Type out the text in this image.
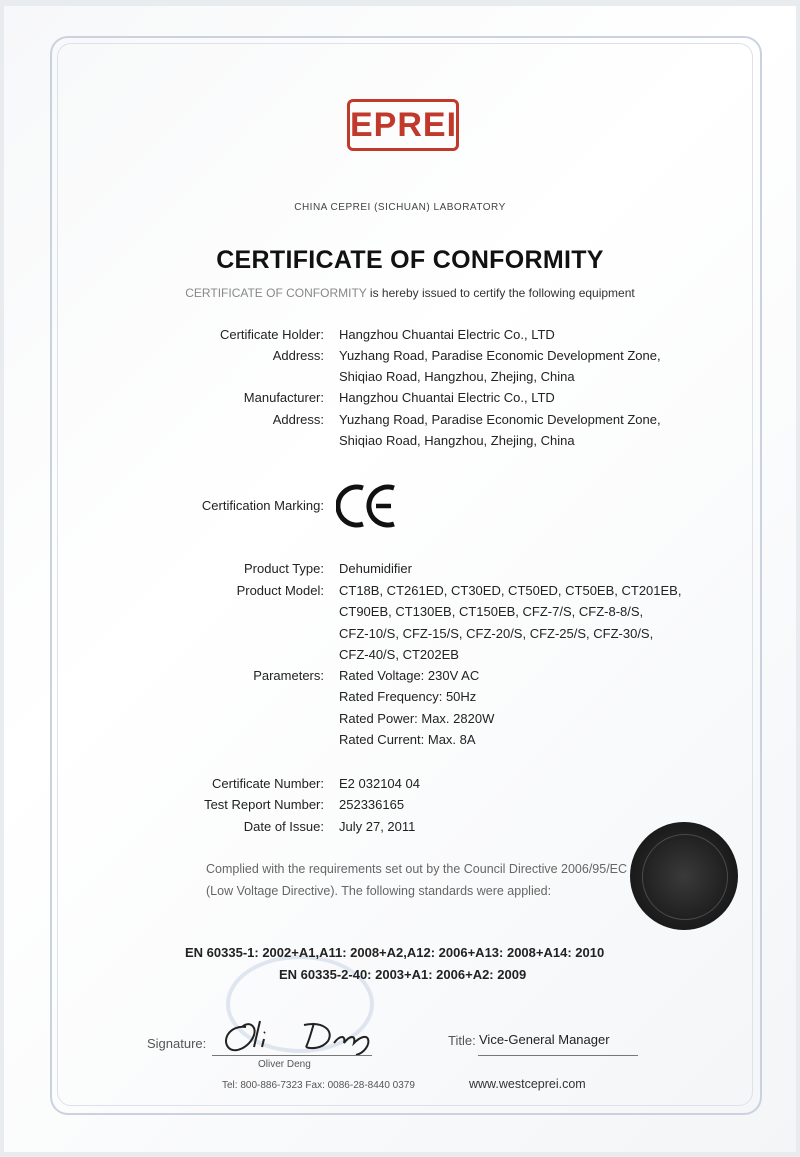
EPREI
CHINA CEPREI (SICHUAN) LABORATORY
CERTIFICATE OF CONFORMITY
CERTIFICATE OF CONFORMITY is hereby issued to certify the following equipment
Certificate Holder: Hangzhou Chuantai Electric Co., LTD
Address: Yuzhang Road, Paradise Economic Development Zone,
Shiqiao Road, Hangzhou, Zhejing, China
Manufacturer: Hangzhou Chuantai Electric Co., LTD
Address: Yuzhang Road, Paradise Economic Development Zone,
Shiqiao Road, Hangzhou, Zhejing, China
Certification Marking:
Product Type: Dehumidifier
Product Model: CT18B, CT261ED, CT30ED, CT50ED, CT50EB, CT201EB,
CT90EB, CT130EB, CT150EB, CFZ-7/S, CFZ-8-8/S,
CFZ-10/S, CFZ-15/S, CFZ-20/S, CFZ-25/S, CFZ-30/S,
CFZ-40/S, CT202EB
Parameters: Rated Voltage: 230V AC
Rated Frequency: 50Hz
Rated Power: Max. 2820W
Rated Current: Max. 8A
Certificate Number: E2 032104 04
Test Report Number: 252336165
Date of Issue: July 27, 2011
Complied with the requirements set out by the Council Directive 2006/95/EC (Low Voltage Directive). The following standards were applied:
EN 60335-1: 2002+A1,A11: 2008+A2,A12: 2006+A13: 2008+A14: 2010
EN 60335-2-40: 2003+A1: 2006+A2: 2009
Signature:
Oliver Deng
Title: Vice-General Manager
Tel: 800-886-7323 Fax: 0086-28-8440 0379	www.westceprei.com
